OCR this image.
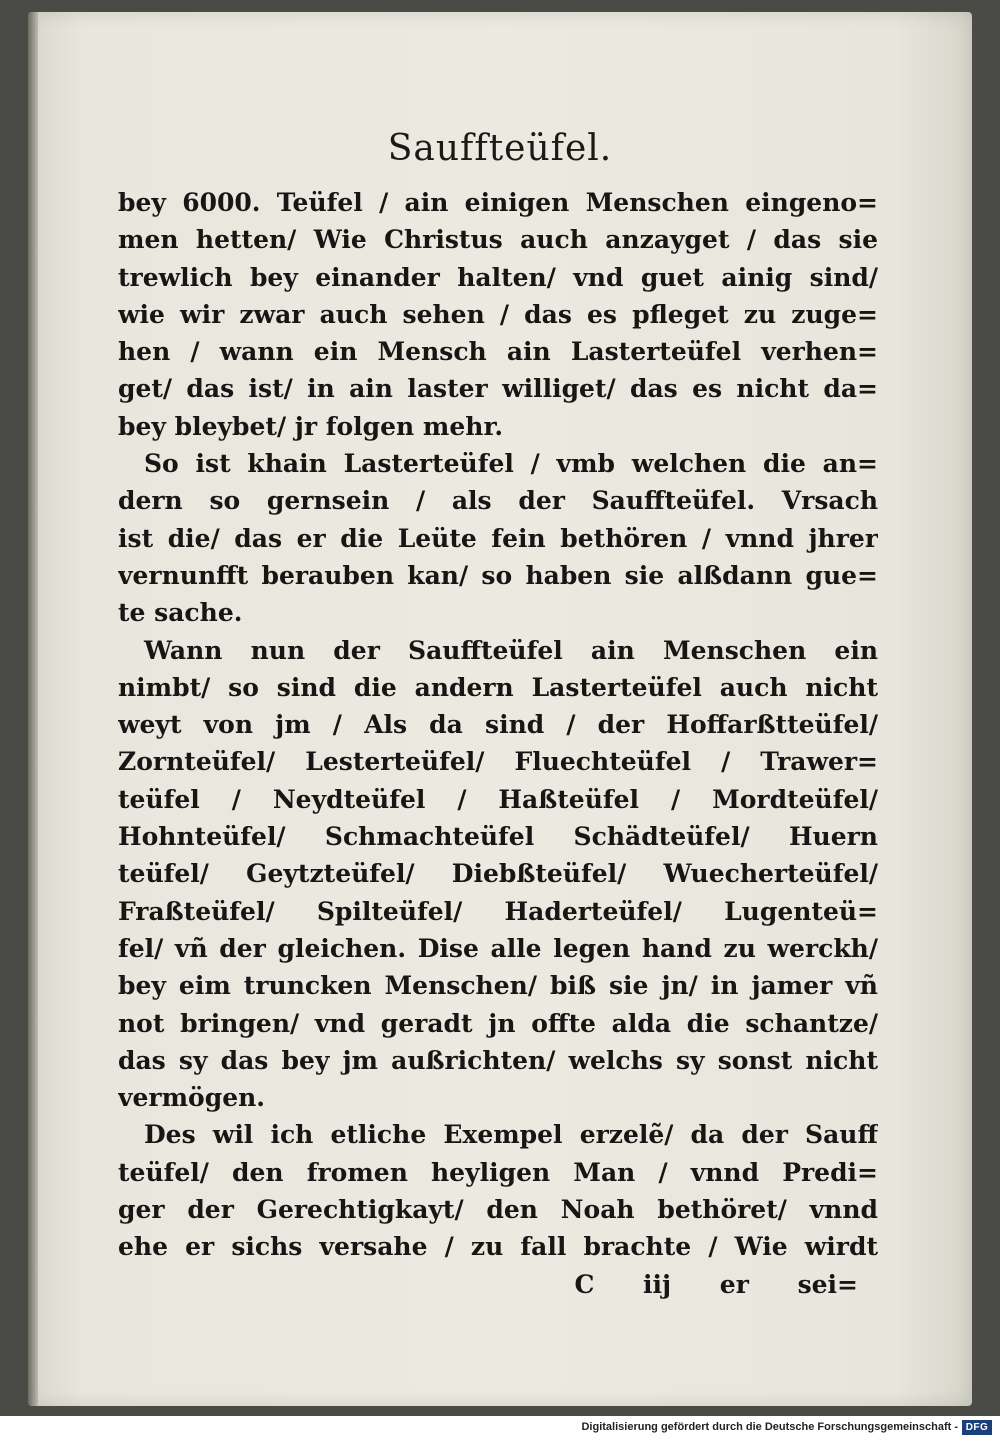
Saufftеüfel.
bey 6000. Teüfel / ain einigen Menschen eingeno=
men hetten/ Wie Christus auch anzayget / das sie
trewlich bey einander halten/ vnd guet ainig sind/
wie wir zwar auch sehen / das es pfleget zu zuge=
hen / wann ein Mensch ain Lasterteüfel verhen=
get/ das ist/ in ain laster williget/ das es nicht da=
bey bleybet/ jr folgen mehr.
So ist khain Lasterteüfel / vmb welchen die an=
dern so gernsein / als der Saufftеüfel. Vrsach
ist die/ das er die Leüte fein bethören / vnnd jhrer
vernunfft berauben kan/ so haben sie alßdann gue=
te sache.
Wann nun der Saufftеüfel ain Menschen ein
nimbt/ so sind die andern Lasterteüfel auch nicht
weyt von jm / Als da sind / der Hoffarßtteüfel/
Zornteüfel/ Lesterteüfel/ Fluechteüfel / Trawer=
teüfel / Neydteüfel / Haßteüfel / Mordteüfel/
Hohnteüfel/ Schmachteüfel Schädteüfel/ Huern
teüfel/ Geytzteüfel/ Diebßteüfel/ Wuecherteüfel/
Fraßteüfel/ Spilteüfel/ Haderteüfel/ Lugenteü=
fel/ vñ der gleichen. Dise alle legen hand zu werckh/
bey eim truncken Menschen/ biß sie jn/ in jamer vñ
not bringen/ vnd geradt jn offte alda die schantze/
das sy das bey jm außrichten/ welchs sy sonst nicht
vermögen.
Des wil ich etliche Exempel erzelẽ/ da der Sauff
teüfel/ den fromen heyligen Man / vnnd Predi=
ger der Gerechtigkayt/ den Noah bethöret/ vnnd
ehe er sichs versahe / zu fall brachte / Wie wirdt
C iij er sei=
Digitalisierung gefördert durch die Deutsche Forschungsgemeinschaft - DFG
